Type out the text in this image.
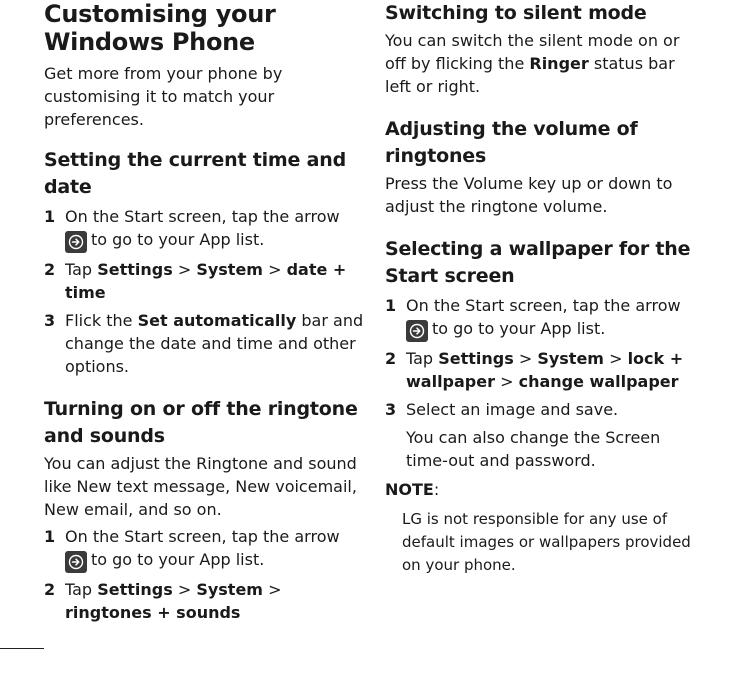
Customising your Windows Phone

Get more from your phone by customising it to match your preferences.

Setting the current time and date
1 On the Start screen, tap the arrow

to go to your App list.
2 Tap Settings > System > date + time
3 Flick the Set automatically bar and change the date and time and other options.
Turning on or off the ringtone and sounds

You can adjust the Ringtone and sound like New text message, New voicemail, New email, and so on.

1 On the Start screen, tap the arrow

to go to your App list.
2 Tap Settings > System > ringtones + sounds
Switching to silent mode

You can switch the silent mode on or off by flicking the Ringer status bar left or right.

Adjusting the volume of ringtones

Press the Volume key up or down to adjust the ringtone volume.

Selecting a wallpaper for the Start screen
1 On the Start screen, tap the arrow

to go to your App list.
2 Tap Settings > System > lock + wallpaper > change wallpaper
3 Select an image and save.

You can also change the Screen time-out and password.

NOTE:
LG is not responsible for any use of default images or wallpapers provided on your phone.
